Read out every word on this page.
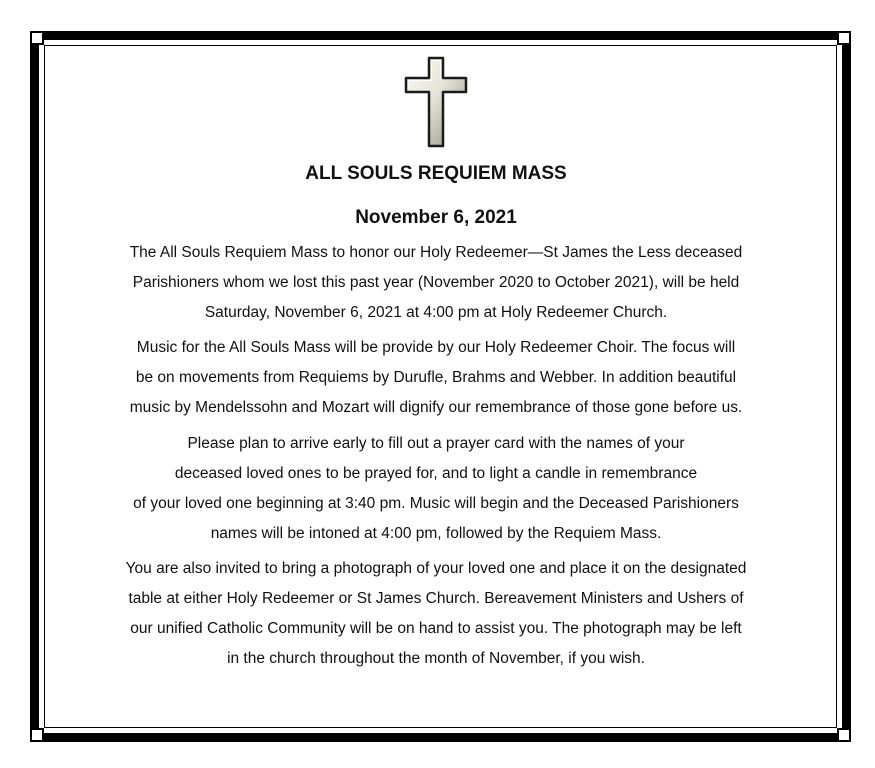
ALL SOULS REQUIEM MASS
November 6, 2021

The All Souls Requiem Mass to honor our Holy Redeemer—St James the Less deceased
Parishioners whom we lost this past year (November 2020 to October 2021), will be held
Saturday, November 6, 2021 at 4:00 pm at Holy Redeemer Church.

Music for the All Souls Mass will be provide by our Holy Redeemer Choir. The focus will
be on movements from Requiems by Durufle, Brahms and Webber. In addition beautiful
music by Mendelssohn and Mozart will dignify our remembrance of those gone before us.

Please plan to arrive early to fill out a prayer card with the names of your
deceased loved ones to be prayed for, and to light a candle in remembrance
of your loved one beginning at 3:40 pm. Music will begin and the Deceased Parishioners
names will be intoned at 4:00 pm, followed by the Requiem Mass.

You are also invited to bring a photograph of your loved one and place it on the designated
table at either Holy Redeemer or St James Church. Bereavement Ministers and Ushers of
our unified Catholic Community will be on hand to assist you. The photograph may be left
in the church throughout the month of November, if you wish.
